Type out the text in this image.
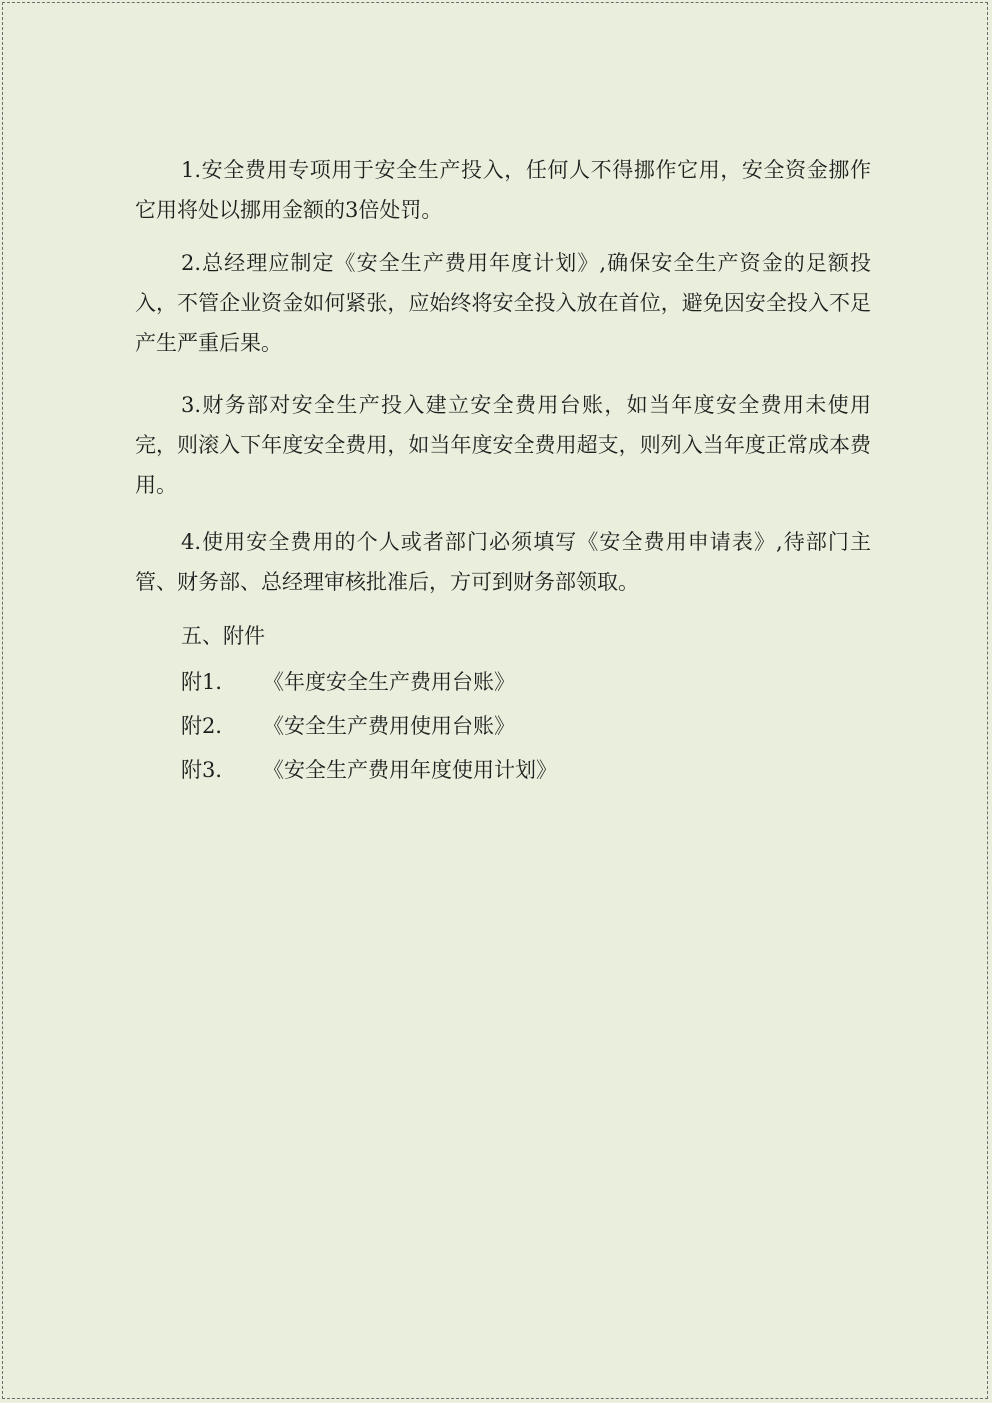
1.安全费用专项用于安全生产投入，任何人不得挪作它用，安全资金挪作它用将处以挪用金额的3倍处罚。

2.总经理应制定《安全生产费用年度计划》,确保安全生产资金的足额投入，不管企业资金如何紧张，应始终将安全投入放在首位，避免因安全投入不足产生严重后果。

3.财务部对安全生产投入建立安全费用台账，如当年度安全费用未使用完，则滚入下年度安全费用，如当年度安全费用超支，则列入当年度正常成本费用。

4.使用安全费用的个人或者部门必须填写《安全费用申请表》,待部门主管、财务部、总经理审核批准后，方可到财务部领取。

五、附件

附1． 《年度安全生产费用台账》

附2． 《安全生产费用使用台账》

附3． 《安全生产费用年度使用计划》
